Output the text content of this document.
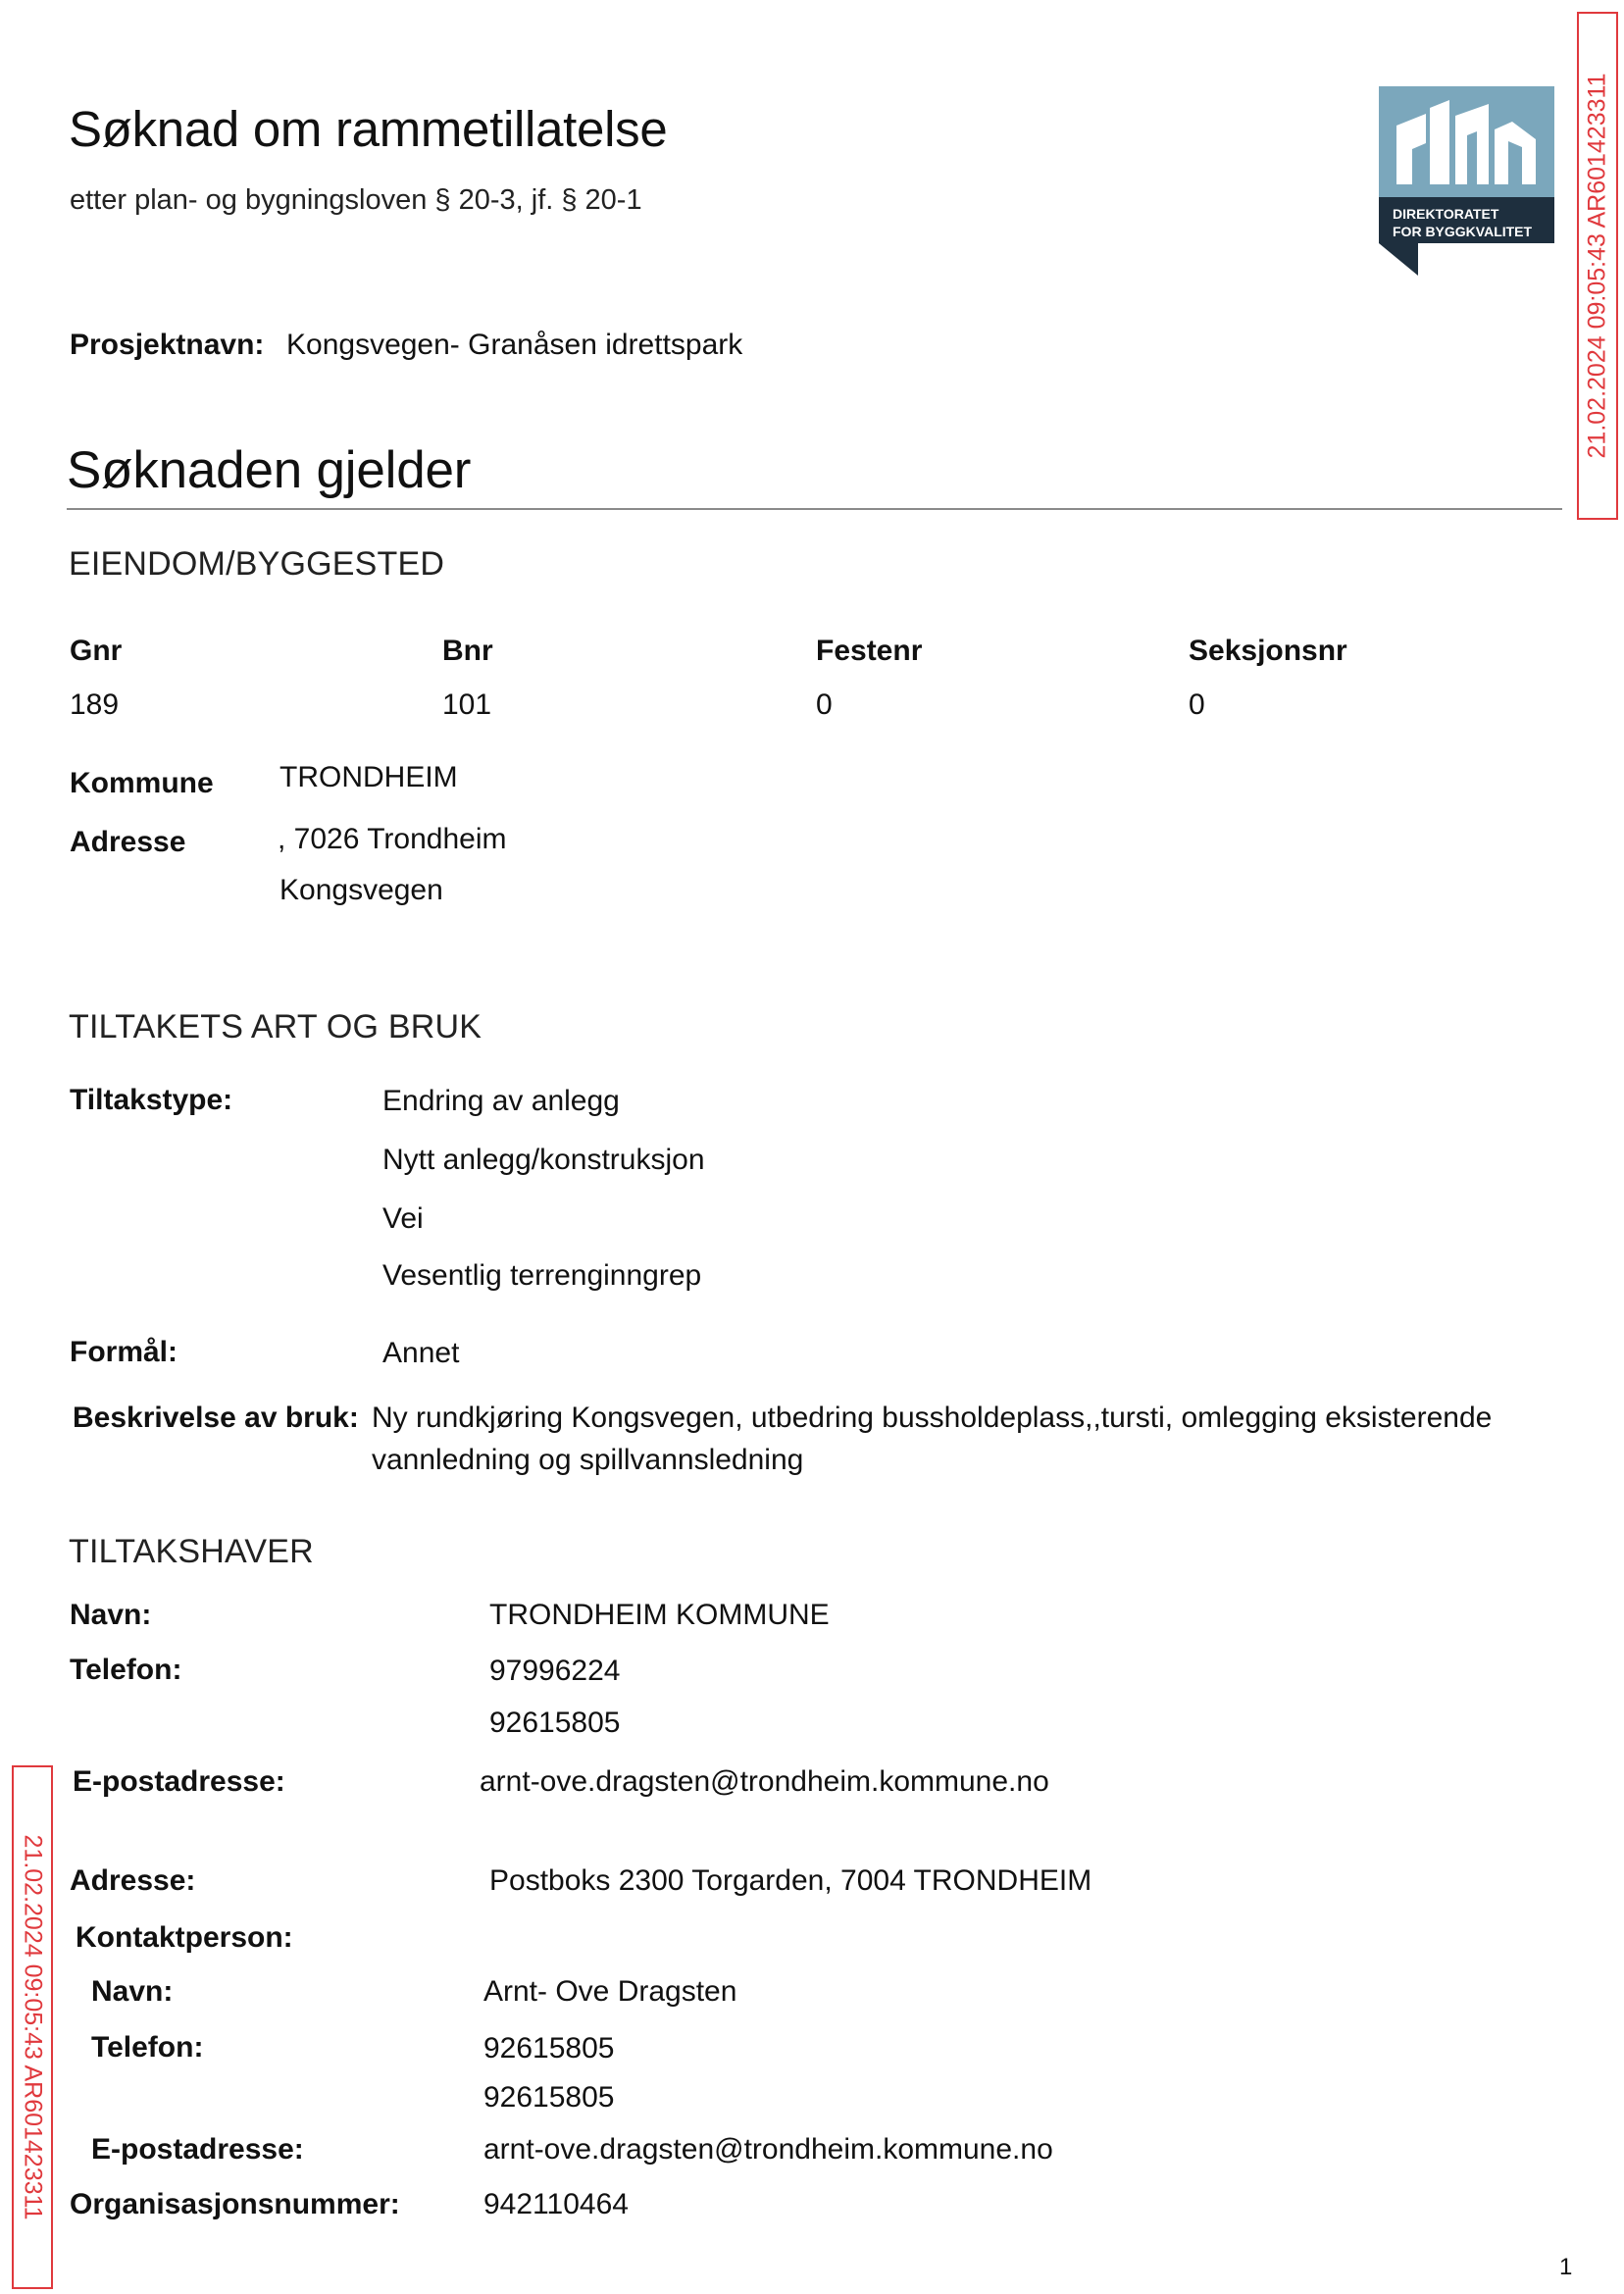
Søknad om rammetillatelse
etter plan- og bygningsloven § 20-3, jf. § 20-1	DIREKTORATET
FOR BYGGKVALITET
Prosjektnavn: Kongsvegen- Granåsen idrettspark
Søknaden gjelder
EIENDOM/BYGGESTED
Gnr	Bnr	Festenr	Seksjonsnr
189	101	0	0
Kommune TRONDHEIM
Adresse	, 7026 Trondheim
Kongsvegen
TILTAKETS ART OG BRUK
Tiltakstype:	Endring av anlegg
Nytt anlegg/konstruksjon
Vei
Vesentlig terrenginngrep
Formål:	Annet
Beskrivelse av bruk: Ny rundkjøring Kongsvegen, utbedring bussholdeplass,,tursti, omlegging eksisterende
vannledning og spillvannsledning
TILTAKSHAVER
Navn:	TRONDHEIM KOMMUNE
Telefon:	97996224
92615805
E-postadresse:	arnt-ove.dragsten@trondheim.kommune.no
Adresse:	Postboks 2300 Torgarden, 7004 TRONDHEIM
Kontaktperson:
Navn:	Arnt- Ove Dragsten
Telefon:	92615805
92615805
E-postadresse:	arnt-ove.dragsten@trondheim.kommune.no
Organisasjonsnummer:	942110464
21.02.2024 09:05:43 AR601423311
21.02.2024 09:05:43 AR601423311
1
